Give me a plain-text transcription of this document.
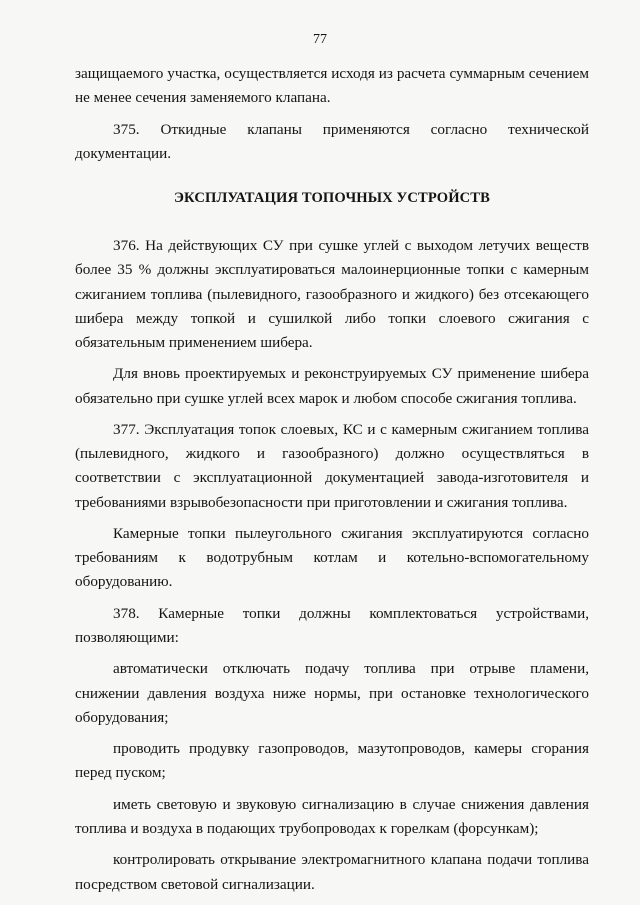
77

защищаемого участка, осуществляется исходя из расчета суммарным сечением не менее сечения заменяемого клапана.

375. Откидные клапаны применяются согласно технической документации.

ЭКСПЛУАТАЦИЯ ТОПОЧНЫХ УСТРОЙСТВ

376. На действующих СУ при сушке углей с выходом летучих веществ более 35 % должны эксплуатироваться малоинерционные топки с камерным сжиганием топлива (пылевидного, газообразного и жидкого) без отсекающего шибера между топкой и сушилкой либо топки слоевого сжигания с обязательным применением шибера.

Для вновь проектируемых и реконструируемых СУ применение шибера обязательно при сушке углей всех марок и любом способе сжигания топлива.

377. Эксплуатация топок слоевых, КС и с камерным сжиганием топлива (пылевидного, жидкого и газообразного) должно осуществляться в соответствии с эксплуатационной документацией завода-изготовителя и требованиями взрывобезопасности при приготовлении и сжигания топлива.

Камерные топки пылеугольного сжигания эксплуатируются согласно требованиям к водотрубным котлам и котельно-вспомогательному оборудованию.

378. Камерные топки должны комплектоваться устройствами, позволяющими:

автоматически отключать подачу топлива при отрыве пламени, снижении давления воздуха ниже нормы, при остановке технологического оборудования;

проводить продувку газопроводов, мазутопроводов, камеры сгорания перед пуском;

иметь световую и звуковую сигнализацию в случае снижения давления топлива и воздуха в подающих трубопроводах к горелкам (форсункам);

контролировать открывание электромагнитного клапана подачи топлива посредством световой сигнализации.
